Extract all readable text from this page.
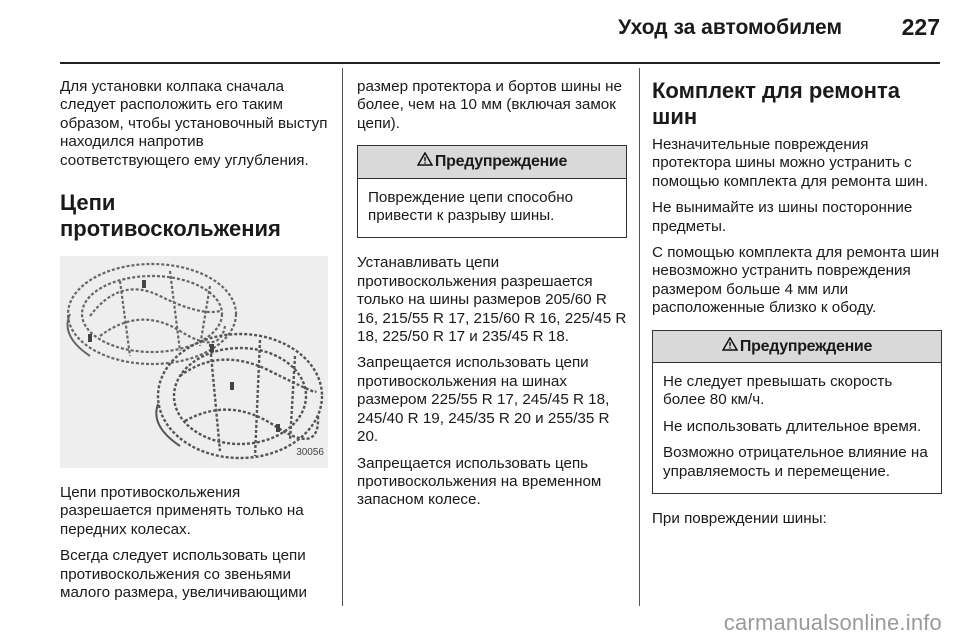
Уход за автомобилем	227

Для установки колпака сначала следует расположить его таким образом, чтобы установочный выступ находился напротив соответствующего ему углубления.

Цепи противоскольжения
30056

Цепи противоскольжения разрешается применять только на передних колесах.

Всегда следует использовать цепи противоскольжения со звеньями малого размера, увеличивающими

размер протектора и бортов шины не более, чем на 10 мм (включая замок цепи).

Предупреждение

Повреждение цепи способно привести к разрыву шины.

Устанавливать цепи противоскольжения разрешается только на шины размеров 205/60 R 16, 215/55 R 17, 215/60 R 16, 225/45 R 18, 225/50 R 17 и 235/45 R 18.

Запрещается использовать цепи противоскольжения на шинах размером 225/55 R 17, 245/45 R 18, 245/40 R 19, 245/35 R 20 и 255/35 R 20.

Запрещается использовать цепь противоскольжения на временном запасном колесе.

Комплект для ремонта шин

Незначительные повреждения протектора шины можно устранить с помощью комплекта для ремонта шин.

Не вынимайте из шины посторонние предметы.

С помощью комплекта для ремонта шин невозможно устранить повреждения размером больше 4 мм или расположенные близко к ободу.

Предупреждение

Не следует превышать скорость более 80 км/ч.

Не использовать длительное время.

Возможно отрицательное влияние на управляемость и перемещение.

При повреждении шины:

carmanualsonline.info
